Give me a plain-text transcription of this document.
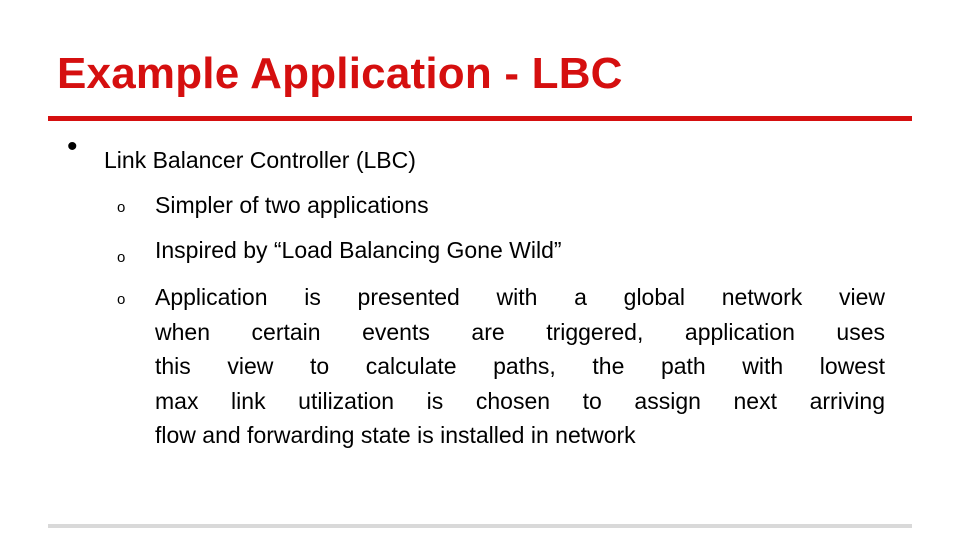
Example Application - LBC
• Link Balancer Controller (LBC)
o Simpler of two applications
o Inspired by “Load Balancing Gone Wild”
o Application is presented with a global network view
when certain events are triggered, application uses
this view to calculate paths, the path with lowest
max link utilization is chosen to assign next arriving
flow and forwarding state is installed in network
